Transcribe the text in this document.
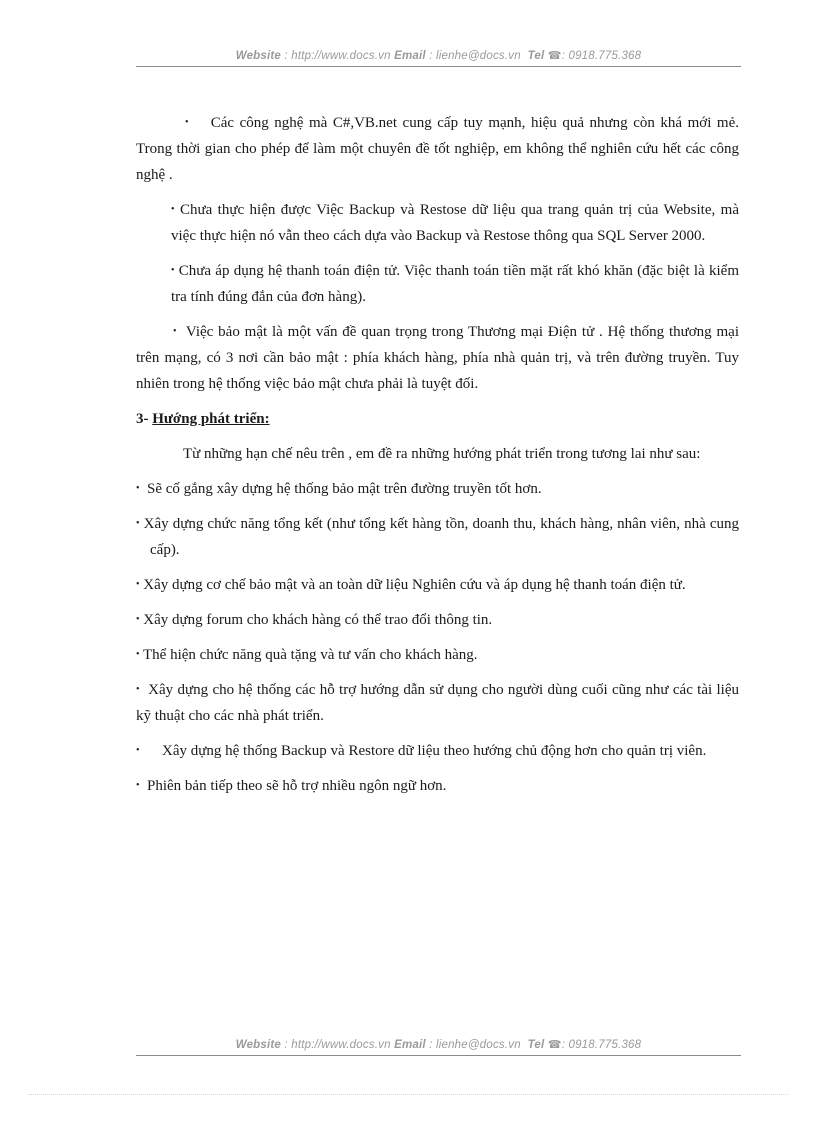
Website : http://www.docs.vn Email : lienhe@docs.vn Tel ☎: 0918.775.368

• Các công nghệ mà C#,VB.net cung cấp tuy mạnh, hiệu quả nhưng còn khá mới mẻ. Trong thời gian cho phép để làm một chuyên đề tốt nghiệp, em không thể nghiên cứu hết các công nghệ .

• Chưa thực hiện được Việc Backup và Restose dữ liệu qua trang quản trị của Website, mà việc thực hiện nó vẫn theo cách dựa vào Backup và Restose thông qua SQL Server 2000.

• Chưa áp dụng hệ thanh toán điện tử. Việc thanh toán tiền mặt rất khó khăn (đặc biệt là kiểm tra tính đúng đắn của đơn hàng).

• Việc bảo mật là một vấn đề quan trọng trong Thương mại Điện tử . Hệ thống thương mại trên mạng, có 3 nơi cần bảo mật : phía khách hàng, phía nhà quản trị, và trên đường truyền. Tuy nhiên trong hệ thống việc bảo mật chưa phải là tuyệt đối.

3- Hướng phát triển:

Từ những hạn chế nêu trên , em đề ra những hướng phát triển trong tương lai như sau:

• Sẽ cố gắng xây dựng hệ thống bảo mật trên đường truyền tốt hơn.

• Xây dựng chức năng tổng kết (như tổng kết hàng tồn, doanh thu, khách hàng, nhân viên, nhà cung cấp).

• Xây dựng cơ chế bảo mật và an toàn dữ liệu Nghiên cứu và áp dụng hệ thanh toán điện tử.

• Xây dựng forum cho khách hàng có thể trao đổi thông tin.

• Thể hiện chức năng quà tặng và tư vấn cho khách hàng.

• Xây dựng cho hệ thống các hỗ trợ hướng dẫn sử dụng cho người dùng cuối cũng như các tài liệu kỹ thuật cho các nhà phát triển.

• Xây dựng hệ thống Backup và Restore dữ liệu theo hướng chủ động hơn cho quản trị viên.

• Phiên bản tiếp theo sẽ hỗ trợ nhiều ngôn ngữ hơn.

Website : http://www.docs.vn Email : lienhe@docs.vn Tel ☎: 0918.775.368
